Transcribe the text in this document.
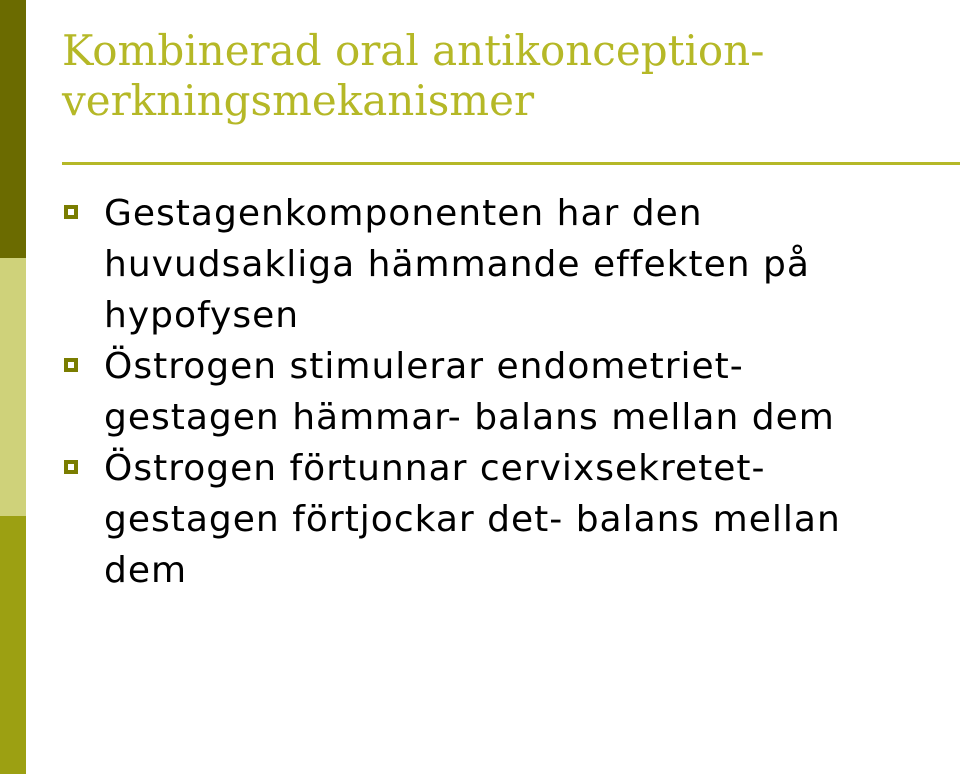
Kombinerad oral antikonception-
verkningsmekanismer
Gestagenkomponenten har den
huvudsakliga hämmande effekten på
hypofysen
Östrogen stimulerar endometriet-
gestagen hämmar- balans mellan dem
Östrogen förtunnar cervixsekretet-
gestagen förtjockar det- balans mellan
dem
